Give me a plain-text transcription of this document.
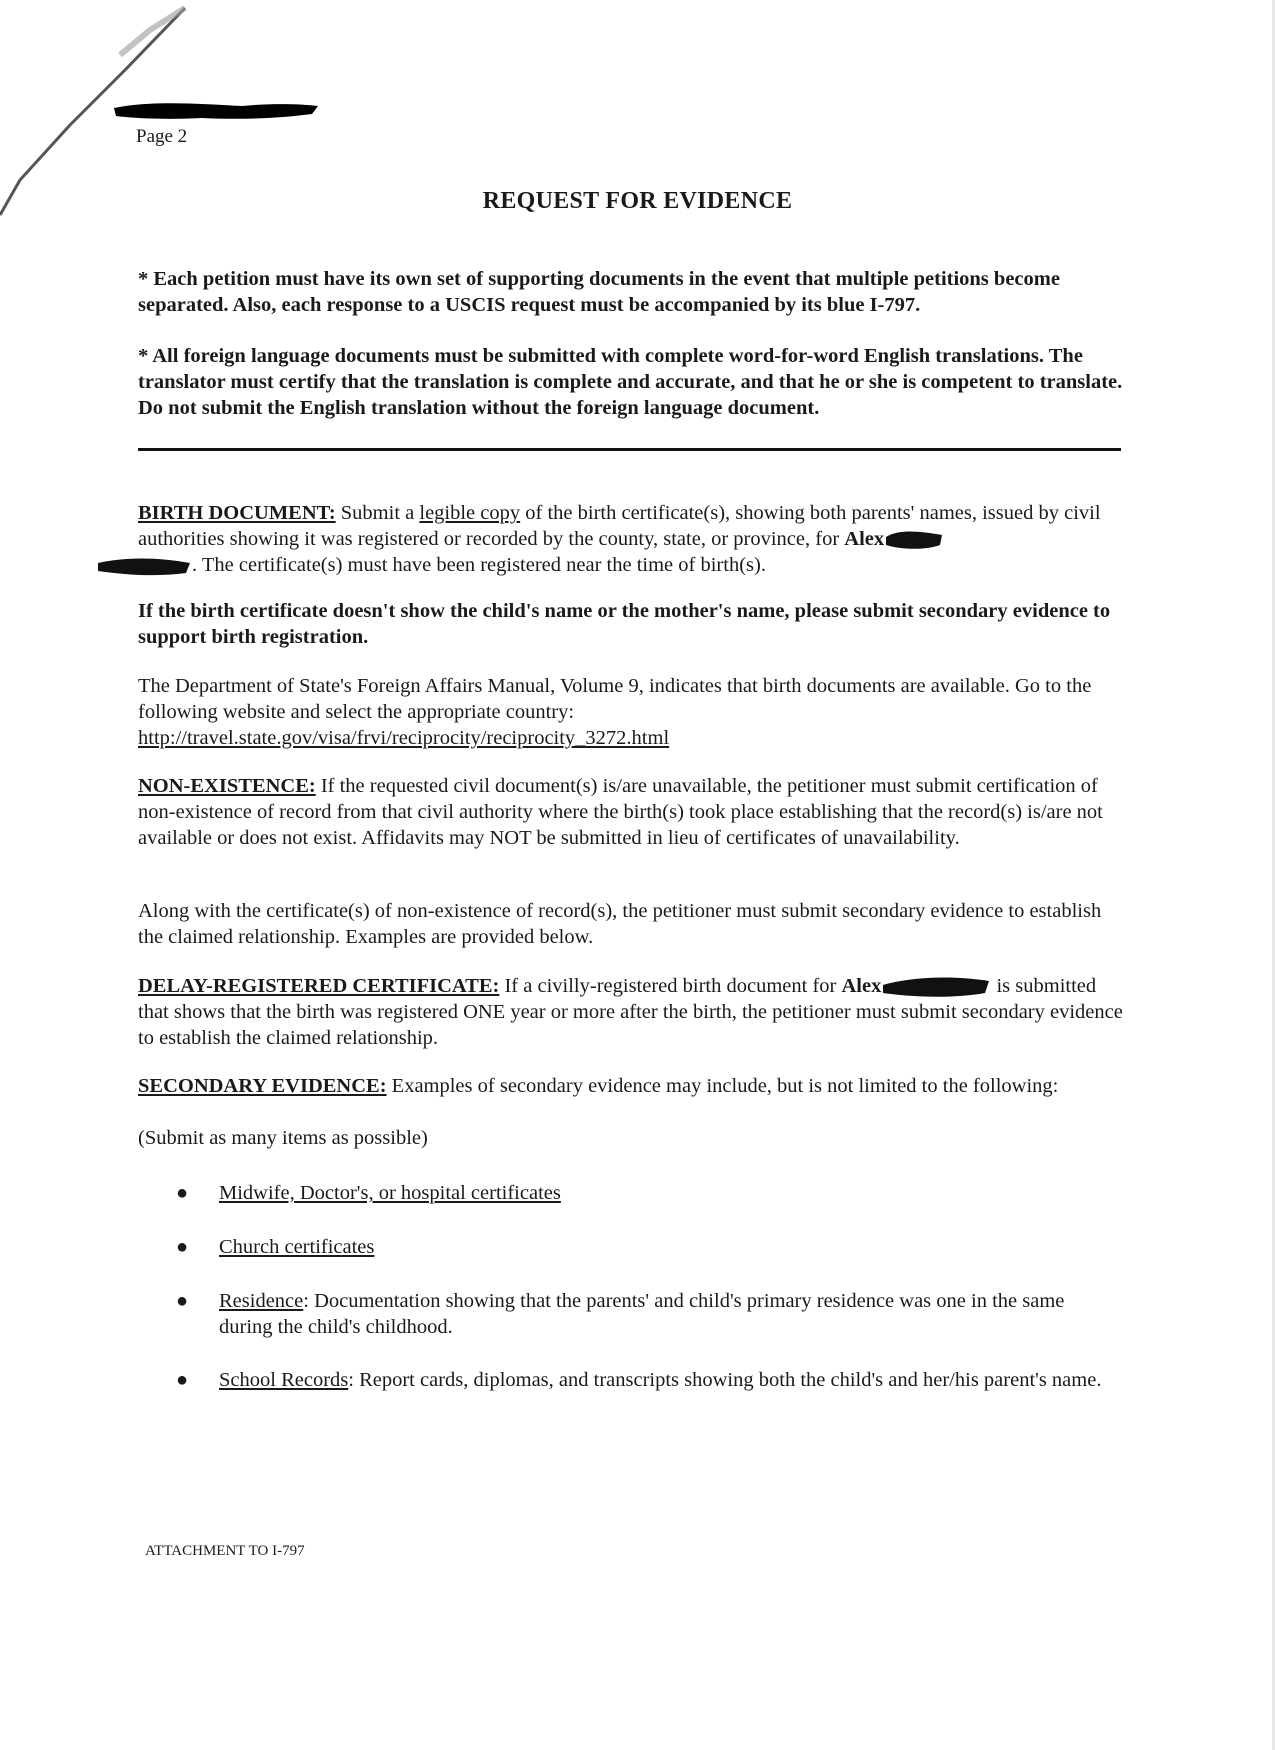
Page 2
REQUEST FOR EVIDENCE
* Each petition must have its own set of supporting documents in the event that multiple petitions become separated. Also, each response to a USCIS request must be accompanied by its blue I-797.
* All foreign language documents must be submitted with complete word-for-word English translations. The translator must certify that the translation is complete and accurate, and that he or she is competent to translate. Do not submit the English translation without the foreign language document.
BIRTH DOCUMENT: Submit a legible copy of the birth certificate(s), showing both parents' names, issued by civil authorities showing it was registered or recorded by the county, state, or province, for Alex
. The certificate(s) must have been registered near the time of birth(s).
If the birth certificate doesn't show the child's name or the mother's name, please submit secondary evidence to support birth registration.
The Department of State's Foreign Affairs Manual, Volume 9, indicates that birth documents are available. Go to the following website and select the appropriate country:
http://travel.state.gov/visa/frvi/reciprocity/reciprocity_3272.html
NON-EXISTENCE: If the requested civil document(s) is/are unavailable, the petitioner must submit certification of non-existence of record from that civil authority where the birth(s) took place establishing that the record(s) is/are not available or does not exist. Affidavits may NOT be submitted in lieu of certificates of unavailability.
Along with the certificate(s) of non-existence of record(s), the petitioner must submit secondary evidence to establish the claimed relationship. Examples are provided below.
DELAY-REGISTERED CERTIFICATE: If a civilly-registered birth document for Alex	is submitted that shows that the birth was registered ONE year or more after the birth, the petitioner must submit secondary evidence to establish the claimed relationship.
SECONDARY EVIDENCE: Examples of secondary evidence may include, but is not limited to the following:
(Submit as many items as possible)
● Midwife, Doctor's, or hospital certificates
● Church certificates
● Residence: Documentation showing that the parents' and child's primary residence was one in the same during the child's childhood.
● School Records: Report cards, diplomas, and transcripts showing both the child's and her/his parent's name.
ATTACHMENT TO I-797
